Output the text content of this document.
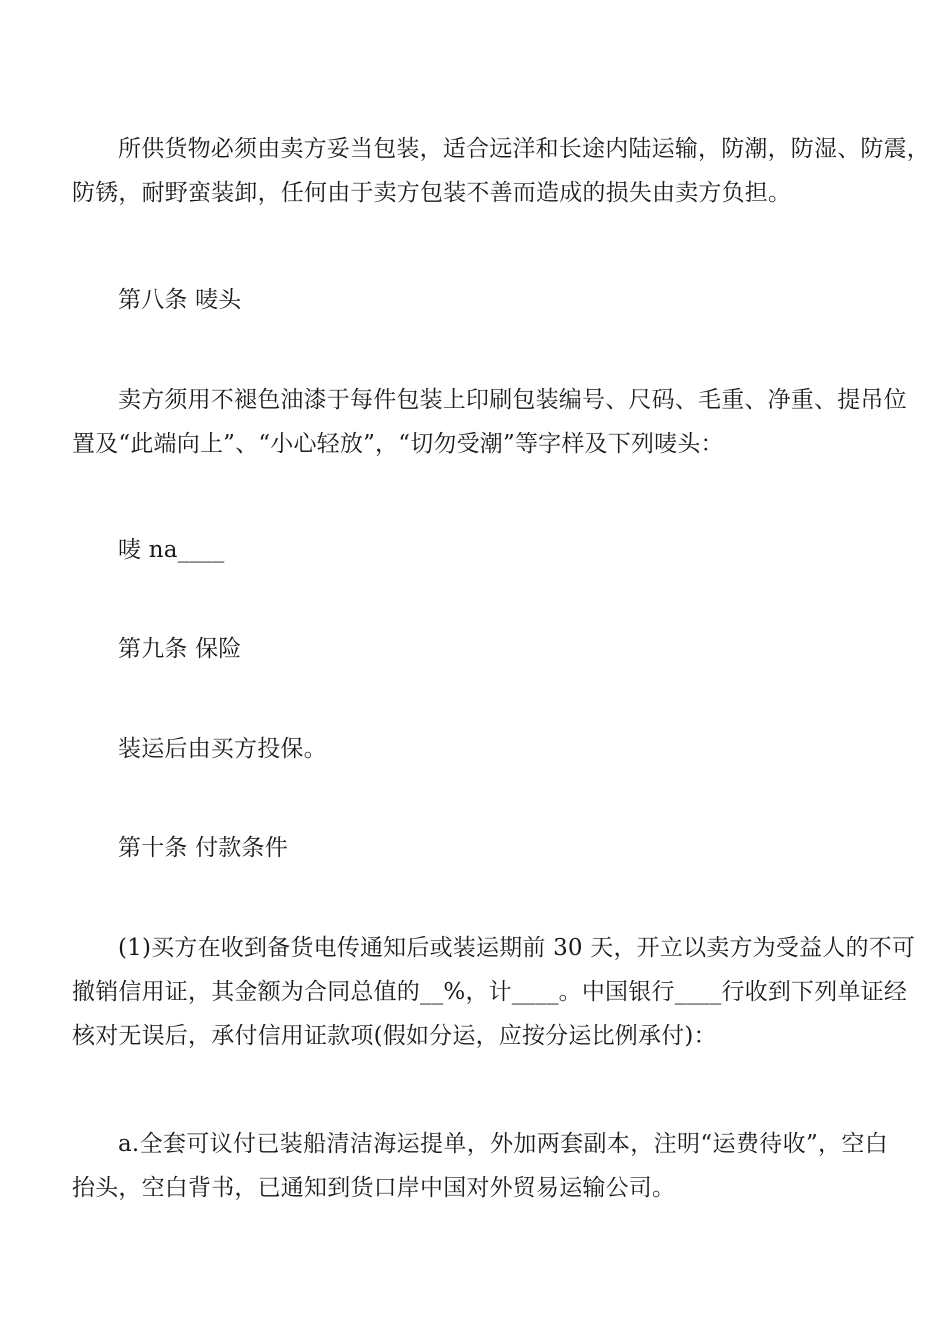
所供货物必须由卖方妥当包装，适合远洋和长途内陆运输，防潮，防湿、防震，
防锈，耐野蛮装卸，任何由于卖方包装不善而造成的损失由卖方负担。
第八条 唛头
卖方须用不褪色油漆于每件包装上印刷包装编号、尺码、毛重、净重、提吊位
置及“此端向上”、“小心轻放”，“切勿受潮”等字样及下列唛头：
唛 na____
第九条 保险
装运后由买方投保。
第十条 付款条件
(1)买方在收到备货电传通知后或装运期前 30 天，开立以卖方为受益人的不可
撤销信用证，其金额为合同总值的__%，计____。中国银行____行收到下列单证经
核对无误后，承付信用证款项(假如分运，应按分运比例承付)：
a.全套可议付已装船清洁海运提单，外加两套副本，注明“运费待收”，空白
抬头，空白背书，已通知到货口岸中国对外贸易运输公司。
